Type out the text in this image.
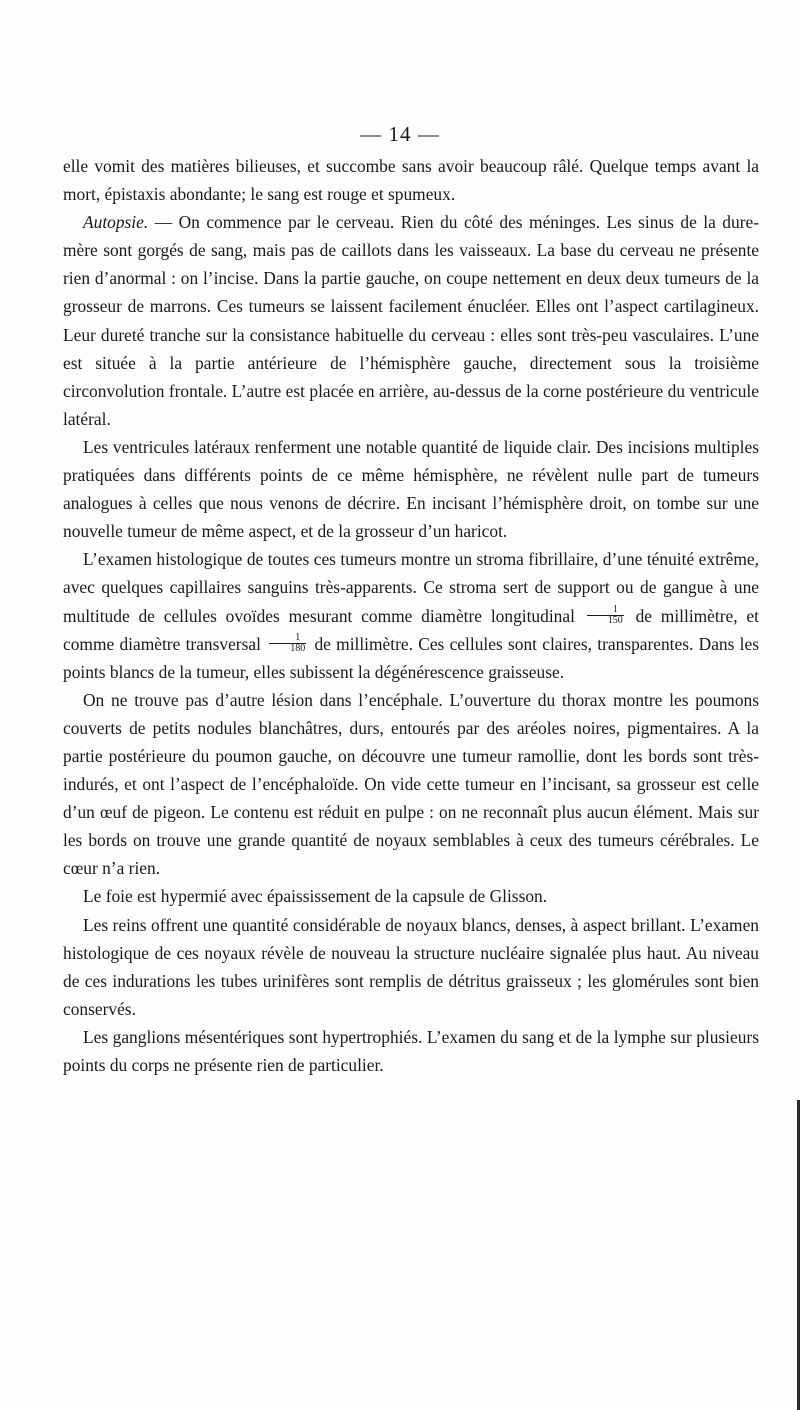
— 14 —

elle vomit des matières bilieuses, et succombe sans avoir beaucoup râlé. Quelque temps avant la mort, épistaxis abondante; le sang est rouge et spumeux.

Autopsie. — On commence par le cerveau. Rien du côté des méninges. Les sinus de la dure-mère sont gorgés de sang, mais pas de caillots dans les vaisseaux. La base du cerveau ne présente rien d’anormal : on l’incise. Dans la partie gauche, on coupe nettement en deux deux tumeurs de la grosseur de marrons. Ces tumeurs se laissent facilement énucléer. Elles ont l’aspect cartilagineux. Leur dureté tranche sur la consistance habituelle du cerveau : elles sont très-peu vasculaires. L’une est située à la partie antérieure de l’hémisphère gauche, directement sous la troisième circonvolution frontale. L’autre est placée en arrière, au-dessus de la corne postérieure du ventricule latéral.

Les ventricules latéraux renferment une notable quantité de liquide clair. Des incisions multiples pratiquées dans différents points de ce même hémisphère, ne révèlent nulle part de tumeurs analogues à celles que nous venons de décrire. En incisant l’hémisphère droit, on tombe sur une nouvelle tumeur de même aspect, et de la grosseur d’un haricot.

L’examen histologique de toutes ces tumeurs montre un stroma fibrillaire, d’une ténuité extrême, avec quelques capillaires sanguins très-apparents. Ce stroma sert de support ou de gangue à une multitude de cellules ovoïdes mesurant comme diamètre longitudinal $\frac{1}{150}$ de millimètre, et comme diamètre transversal $\frac{1}{180}$ de millimètre. Ces cellules sont claires, transparentes. Dans les points blancs de la tumeur, elles subissent la dégénérescence graisseuse.

On ne trouve pas d’autre lésion dans l’encéphale. L’ouverture du thorax montre les poumons couverts de petits nodules blanchâtres, durs, entourés par des aréoles noires, pigmentaires. A la partie postérieure du poumon gauche, on découvre une tumeur ramollie, dont les bords sont très-indurés, et ont l’aspect de l’encéphaloïde. On vide cette tumeur en l’incisant, sa grosseur est celle d’un œuf de pigeon. Le contenu est réduit en pulpe : on ne reconnaît plus aucun élément. Mais sur les bords on trouve une grande quantité de noyaux semblables à ceux des tumeurs cérébrales. Le cœur n’a rien.

Le foie est hypermié avec épaississement de la capsule de Glisson.

Les reins offrent une quantité considérable de noyaux blancs, denses, à aspect brillant. L’examen histologique de ces noyaux révèle de nouveau la structure nucléaire signalée plus haut. Au niveau de ces indurations les tubes urinifères sont remplis de détritus graisseux ; les glomérules sont bien conservés.

Les ganglions mésentériques sont hypertrophiés. L’examen du sang et de la lymphe sur plusieurs points du corps ne présente rien de particulier.
